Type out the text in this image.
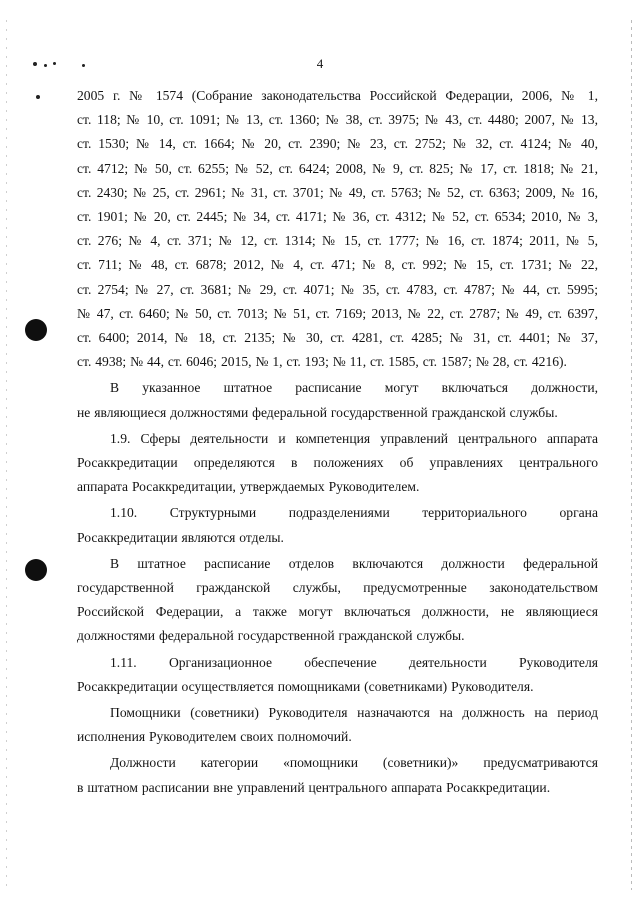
4

2005 г. № 1574 (Собрание законодательства Российской Федерации, 2006, № 1,

ст. 118; № 10, ст. 1091; № 13, ст. 1360; № 38, ст. 3975; № 43, ст. 4480; 2007, № 13,

ст. 1530; № 14, ст. 1664; № 20, ст. 2390; № 23, ст. 2752; № 32, ст. 4124; № 40,

ст. 4712; № 50, ст. 6255; № 52, ст. 6424; 2008, № 9, ст. 825; № 17, ст. 1818; № 21,

ст. 2430; № 25, ст. 2961; № 31, ст. 3701; № 49, ст. 5763; № 52, ст. 6363; 2009, № 16,

ст. 1901; № 20, ст. 2445; № 34, ст. 4171; № 36, ст. 4312; № 52, ст. 6534; 2010, № 3,

ст. 276; № 4, ст. 371; № 12, ст. 1314; № 15, ст. 1777; № 16, ст. 1874; 2011, № 5,

ст. 711; № 48, ст. 6878; 2012, № 4, ст. 471; № 8, ст. 992; № 15, ст. 1731; № 22,

ст. 2754; № 27, ст. 3681; № 29, ст. 4071; № 35, ст. 4783, ст. 4787; № 44, ст. 5995;

№ 47, ст. 6460; № 50, ст. 7013; № 51, ст. 7169; 2013, № 22, ст. 2787; № 49, ст. 6397,

ст. 6400; 2014, № 18, ст. 2135; № 30, ст. 4281, ст. 4285; № 31, ст. 4401; № 37,

ст. 4938; № 44, ст. 6046; 2015, № 1, ст. 193; № 11, ст. 1585, ст. 1587; № 28, ст. 4216).

В указанное штатное расписание могут включаться должности,

не являющиеся должностями федеральной государственной гражданской службы.

1.9. Сферы деятельности и компетенция управлений центрального аппарата

Росаккредитации определяются в положениях об управлениях центрального

аппарата Росаккредитации, утверждаемых Руководителем.

1.10. Структурными подразделениями территориального органа

Росаккредитации являются отделы.

В штатное расписание отделов включаются должности федеральной

государственной гражданской службы, предусмотренные законодательством

Российской Федерации, а также могут включаться должности, не являющиеся

должностями федеральной государственной гражданской службы.

1.11. Организационное обеспечение деятельности Руководителя

Росаккредитации осуществляется помощниками (советниками) Руководителя.

Помощники (советники) Руководителя назначаются на должность на период

исполнения Руководителем своих полномочий.

Должности категории «помощники (советники)» предусматриваются

в штатном расписании вне управлений центрального аппарата Росаккредитации.
